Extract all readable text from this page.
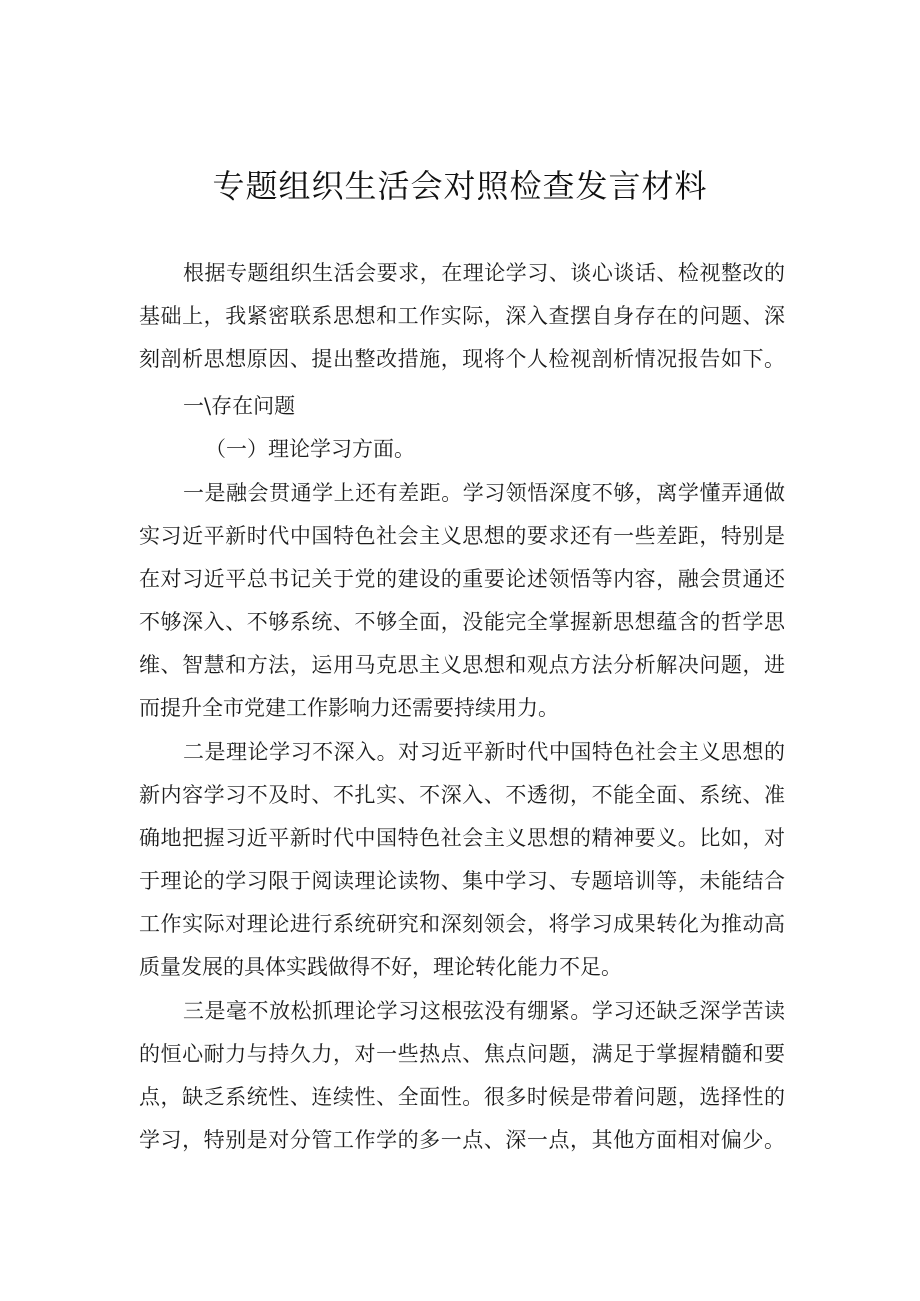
专题组织生活会对照检查发言材料
根据专题组织生活会要求，在理论学习、谈心谈话、检视整改的
基础上，我紧密联系思想和工作实际，深入查摆自身存在的问题、深
刻剖析思想原因、提出整改措施，现将个人检视剖析情况报告如下。
一\存在问题
（一）理论学习方面。
一是融会贯通学上还有差距。学习领悟深度不够，离学懂弄通做
实习近平新时代中国特色社会主义思想的要求还有一些差距，特别是
在对习近平总书记关于党的建设的重要论述领悟等内容，融会贯通还
不够深入、不够系统、不够全面，没能完全掌握新思想蕴含的哲学思
维、智慧和方法，运用马克思主义思想和观点方法分析解决问题，进
而提升全市党建工作影响力还需要持续用力。
二是理论学习不深入。对习近平新时代中国特色社会主义思想的
新内容学习不及时、不扎实、不深入、不透彻，不能全面、系统、准
确地把握习近平新时代中国特色社会主义思想的精神要义。比如，对
于理论的学习限于阅读理论读物、集中学习、专题培训等，未能结合
工作实际对理论进行系统研究和深刻领会，将学习成果转化为推动高
质量发展的具体实践做得不好，理论转化能力不足。
三是毫不放松抓理论学习这根弦没有绷紧。学习还缺乏深学苦读
的恒心耐力与持久力，对一些热点、焦点问题，满足于掌握精髓和要
点，缺乏系统性、连续性、全面性。很多时候是带着问题，选择性的
学习，特别是对分管工作学的多一点、深一点，其他方面相对偏少。
